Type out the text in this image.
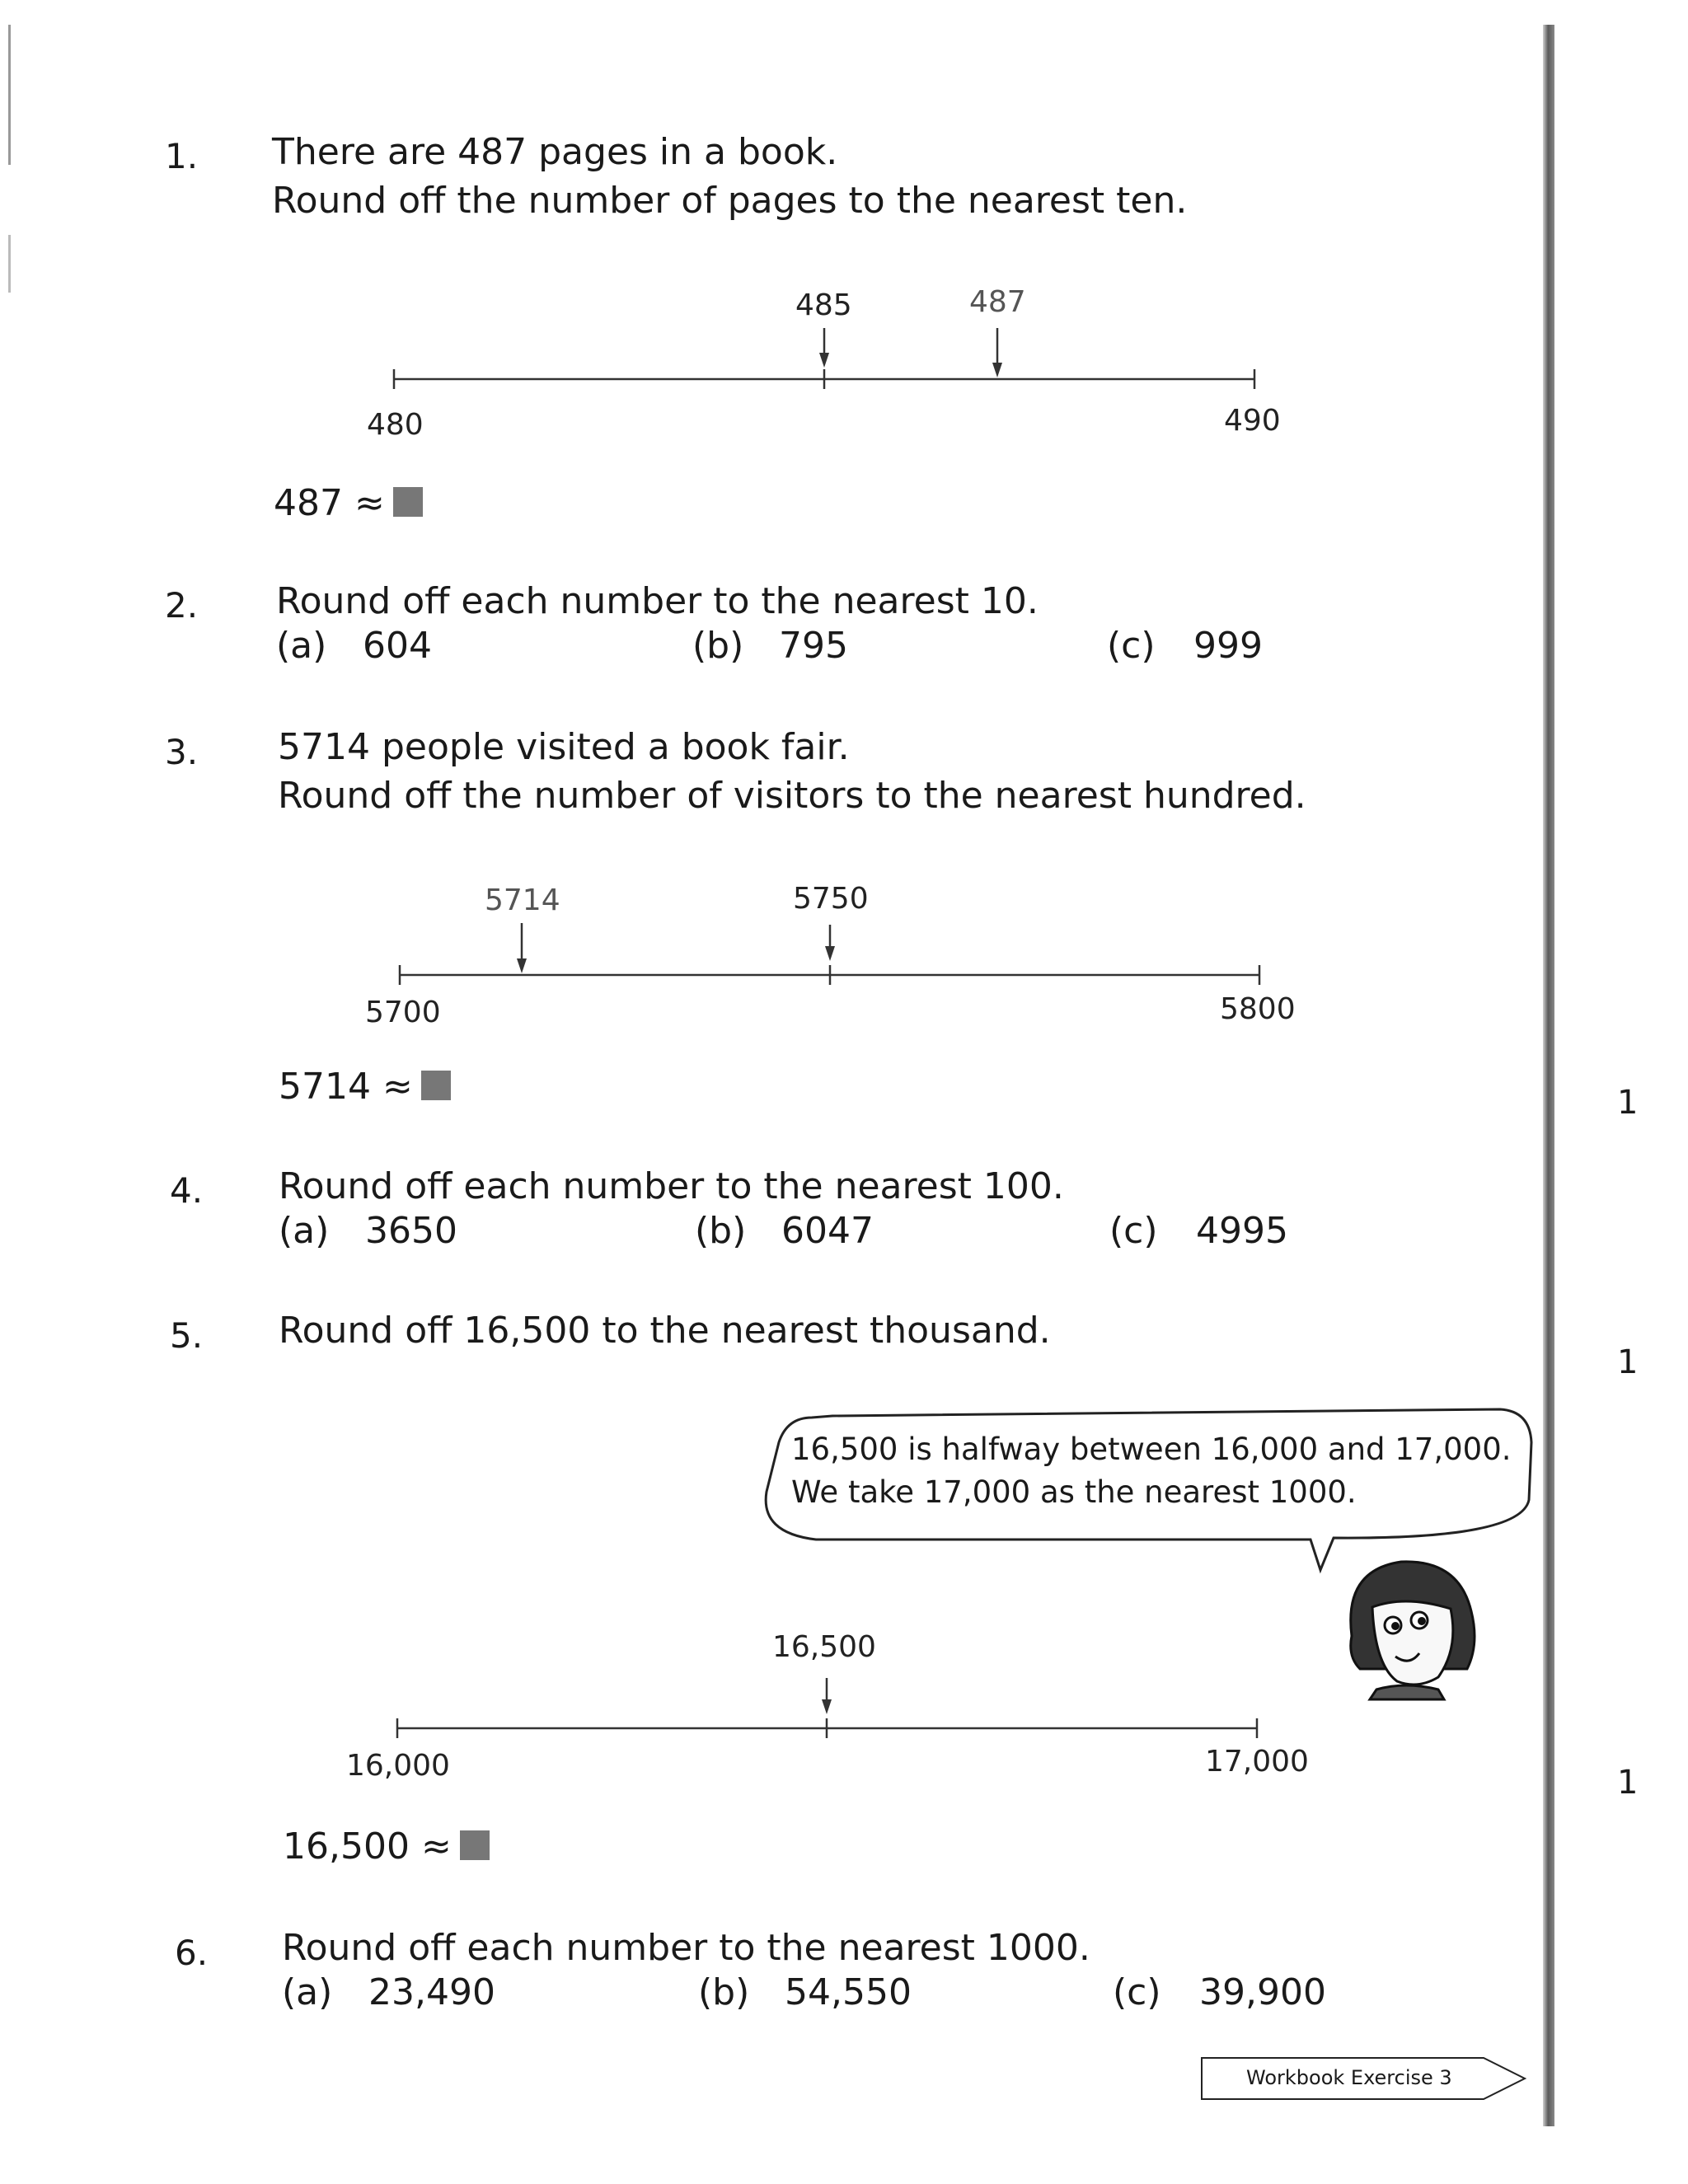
1. There are 487 pages in a book.
Round off the number of pages to the nearest ten.
485	487
480	490
487 ≈
2. Round off each number to the nearest 10.
(a) 604	(b) 795	(c) 999
3. 5714 people visited a book fair.
Round off the number of visitors to the nearest hundred.
5714	5750
5700	5800
5714 ≈
4. Round off each number to the nearest 100.
(a) 3650	(b) 6047	(c) 4995
5. Round off 16,500 to the nearest thousand.
16,500 is halfway between 16,000 and 17,000.
We take 17,000 as the nearest 1000.
16,500
16,000	17,000
16,500 ≈
6. Round off each number to the nearest 1000.
(a) 23,490	(b) 54,550	(c) 39,900
1
1
1
Workbook Exercise 3
